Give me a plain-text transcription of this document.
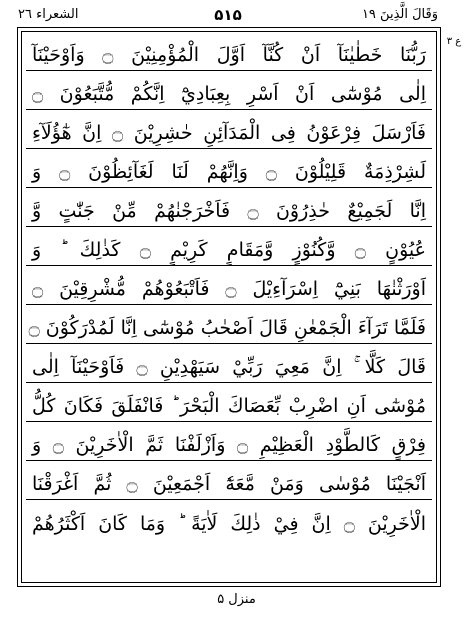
الشعراء ٢٦	۵۱۵	وَقَالَ الَّذِينَ ١٩
ع ۳
رَبُّنَا خَطٰيٰنَآ اَنْ كُنَّآ اَوَّلَ الْمُؤْمِنِيْنَ ۝ وَاَوْحَيْنَآ
اِلٰى مُوْسٰٓى اَنْ اَسْرِ بِعِبَادِيْٓ اِنَّكُمْ مُّتَّبَعُوْنَ ۝
فَاَرْسَلَ فِرْعَوْنُ فِى الْمَدَآئِنِ حٰشِرِيْنَ ۝ اِنَّ هٰٓؤُلَآءِ
لَشِرْذِمَةٌ قَلِيْلُوْنَ ۝ وَاِنَّهُمْ لَنَا لَغَآئِظُوْنَ ۝ وَ
اِنَّا لَجَمِيْعٌ حٰذِرُوْنَ ۝ فَاَخْرَجْنٰهُمْ مِّنْ جَنّٰتٍ وَّ
عُيُوْنٍ ۝ وَّكُنُوْزٍ وَّمَقَامٍ كَرِيْمٍ ۝ كَذٰلِكَ ؕ وَ
اَوْرَثْنٰهَا بَنِيْٓ اِسْرَآءِيْلَ ۝ فَاَتْبَعُوْهُمْ مُّشْرِقِيْنَ ۝
فَلَمَّا تَرَآءَ الْجَمْعٰنِ قَالَ اَصْحٰبُ مُوْسٰٓى اِنَّا لَمُدْرَكُوْنَ ۝
قَالَ كَلَّا ۚ اِنَّ مَعِيَ رَبِّيْ سَيَهْدِيْنِ ۝ فَاَوْحَيْنَآ اِلٰى
مُوْسٰٓى اَنِ اضْرِبْ بِّعَصَاكَ الْبَحْرَ ؕ فَانْفَلَقَ فَكَانَ كُلُّ
فِرْقٍ كَالطَّوْدِ الْعَظِيْمِ ۝ وَاَزْلَفْنَا ثَمَّ الْاٰخَرِيْنَ ۝ وَ
اَنْجَيْنَا مُوْسٰى وَمَنْ مَّعَهٗٓ اَجْمَعِيْنَ ۝ ثُمَّ اَغْرَقْنَا
الْاٰخَرِيْنَ ۝ اِنَّ فِيْ ذٰلِكَ لَاٰيَةً ؕ وَمَا كَانَ اَكْثَرُهُمْ
منزل ۵
